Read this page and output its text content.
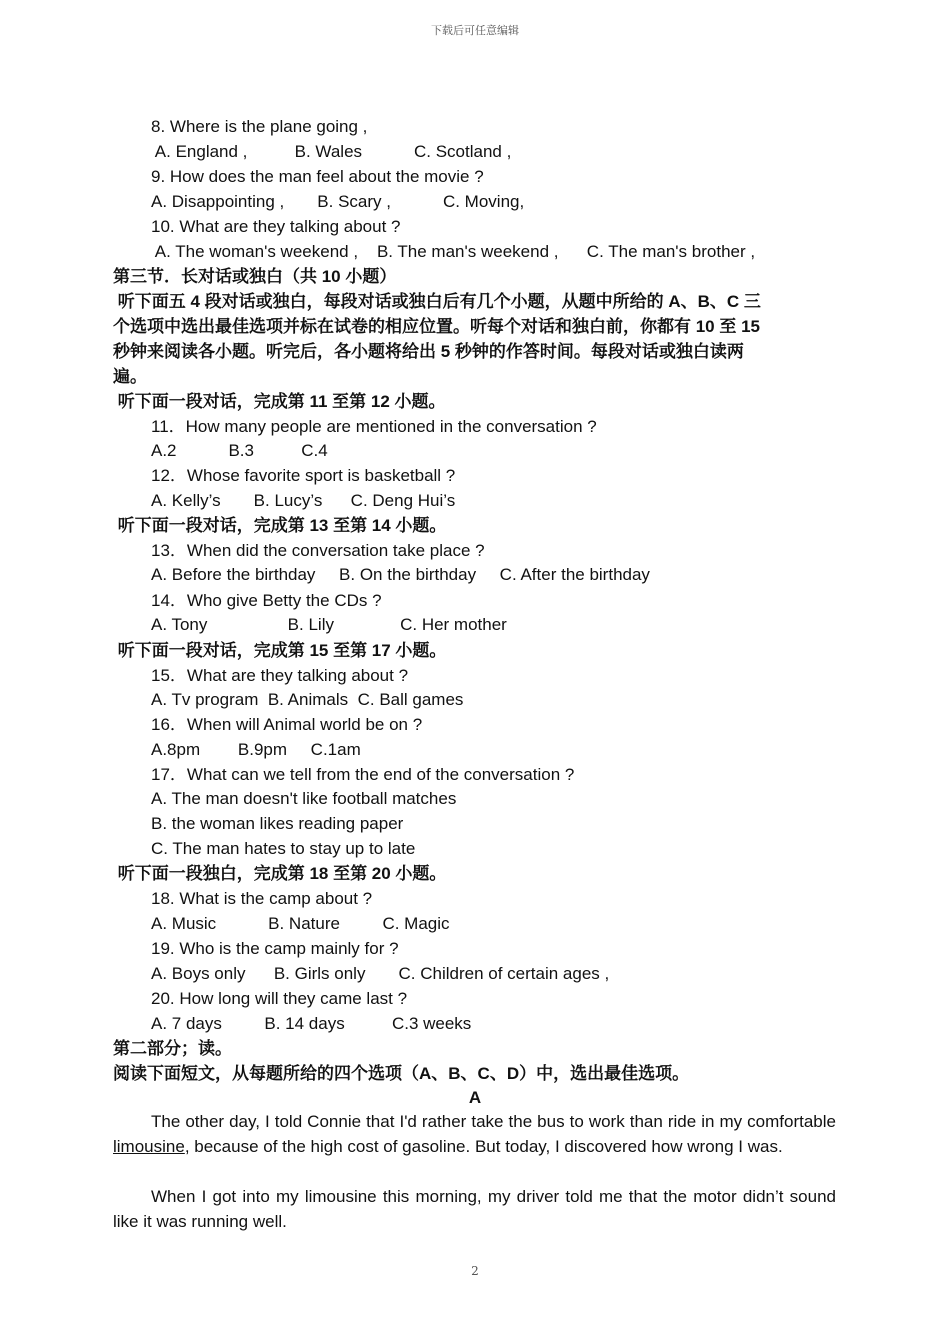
下载后可任意编辑
8. Where is the plane going ,
A. England ,          B. Wales           C. Scotland ,
9. How does the man feel about the movie ?
A. Disappointing ,       B. Scary ,           C. Moving,
10. What are they talking about ?
A. The woman's weekend ,    B. The man's weekend ,      C. The man's brother ,
第三节．长对话或独白（共 10 小题）
听下面五 4 段对话或独白，每段对话或独白后有几个小题，从题中所给的 A、B、C 三
个选项中选出最佳选项并标在试卷的相应位置。听每个对话和独白前，你都有 10 至 15
秒钟来阅读各小题。听完后，各小题将给出 5 秒钟的作答时间。每段对话或独白读两
遍。
听下面一段对话，完成第 11 至第 12 小题。
11．How many people are mentioned in the conversation ?
A.2           B.3          C.4
12．Whose favorite sport is basketball ?
A. Kelly’s       B. Lucy’s      C. Deng Hui’s
听下面一段对话，完成第 13 至第 14 小题。
13．When did the conversation take place ?
A. Before the birthday     B. On the birthday     C. After the birthday
14．Who give Betty the CDs ?
A. Tony                 B. Lily              C. Her mother
听下面一段对话，完成第 15 至第 17 小题。
15．What are they talking about ?
A. Tv program  B. Animals  C. Ball games
16．When will Animal world be on ?
A.8pm        B.9pm     C.1am
17．What can we tell from the end of the conversation ?
A. The man doesn't like football matches
B. the woman likes reading paper
C. The man hates to stay up to late
听下面一段独白，完成第 18 至第 20 小题。
18. What is the camp about ?
A. Music           B. Nature         C. Magic
19. Who is the camp mainly for ?
A. Boys only      B. Girls only       C. Children of certain ages ,
20. How long will they came last ?
A. 7 days         B. 14 days          C.3 weeks
第二部分；读。
阅读下面短文，从每题所给的四个选项（A、B、C、D）中，选出最佳选项。
A
The other day, I told Connie that I'd rather take the bus to work than ride in my comfortable limousine, because of the high cost of gasoline. But today, I discovered how wrong I was.
When I got into my limousine this morning, my driver told me that the motor didn’t sound like it was running well.
2
